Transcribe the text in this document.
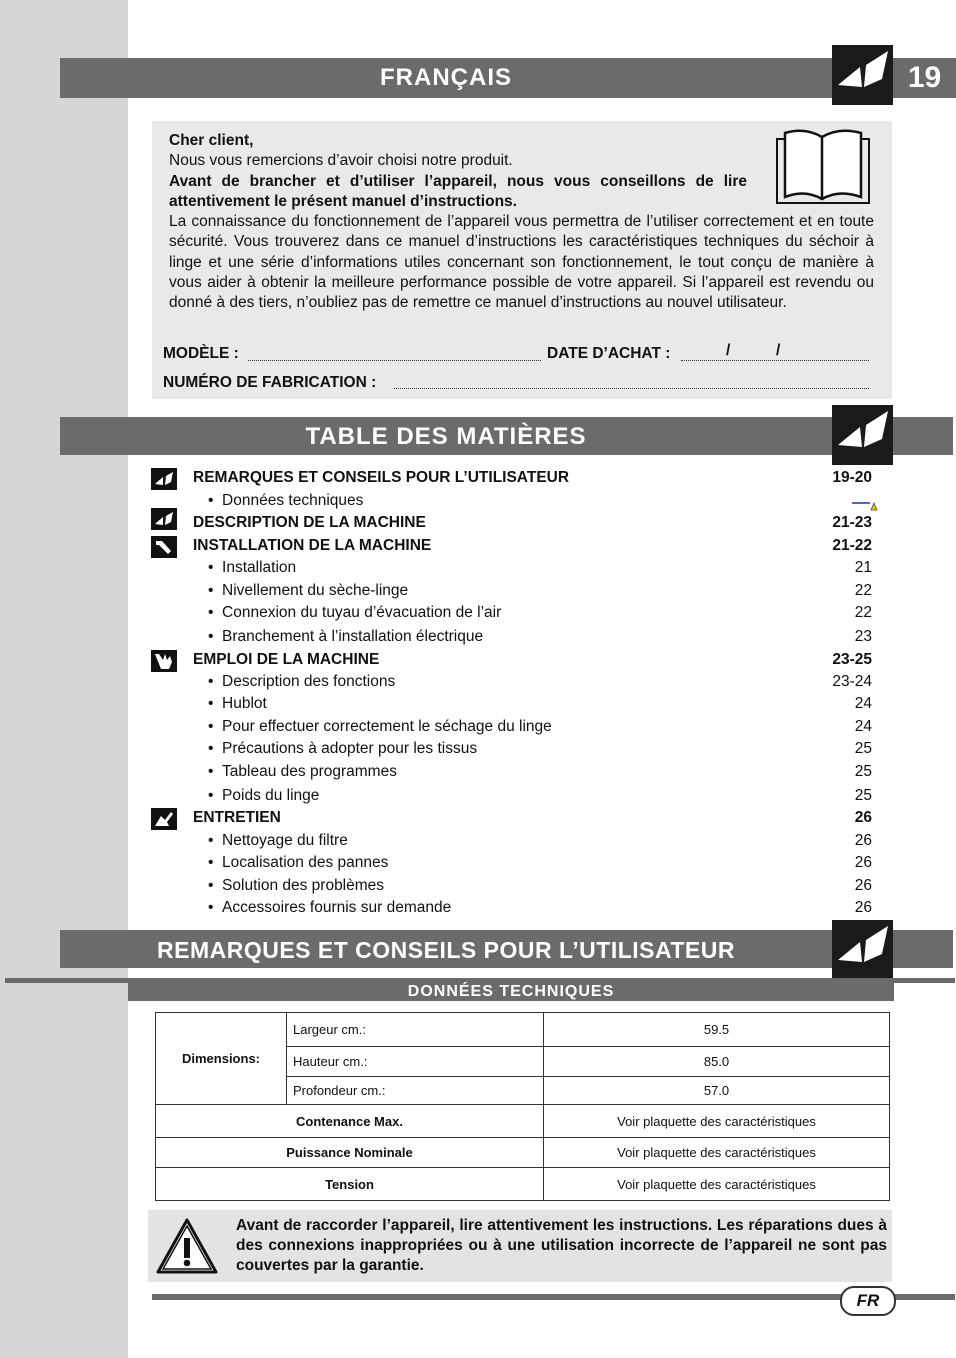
FRANÇAIS	19

Cher client,

Nous vous remercions d’avoir choisi notre produit.

Avant de brancher et d’utiliser l’appareil, nous vous conseillons de lire attentivement le présent manuel d’instructions.

La connaissance du fonctionnement de l’appareil vous permettra de l’utiliser correctement et en toute sécurité. Vous trouverez dans ce manuel d’instructions les caractéristiques techniques du séchoir à linge et une série d’informations utiles concernant son fonctionnement, le tout conçu de manière à vous aider à obtenir la meilleure performance possible de votre appareil. Si l’appareil est revendu ou donné à des tiers, n’oubliez pas de remettre ce manuel d’instructions au nouvel utilisateur.

MODÈLE :	DATE D’ACHAT :	/	/
NUMÉRO DE FABRICATION :
TABLE DES MATIÈRES
REMARQUES ET CONSEILS POUR L’UTILISATEUR	19-20
•  Données techniques
DESCRIPTION DE LA MACHINE	21-23
INSTALLATION DE LA MACHINE	21-22
•  Installation	21
•  Nivellement du sèche-linge	22
•  Connexion du tuyau d’évacuation de l’air	22
•  Branchement à l’installation électrique	23
EMPLOI DE LA MACHINE	23-25
•  Description des fonctions	23-24
•  Hublot	24
•  Pour effectuer correctement le séchage du linge	24
•  Précautions à adopter pour les tissus	25
•  Tableau des programmes	25
•  Poids du linge	25
ENTRETIEN	26
•  Nettoyage du filtre	26
•  Localisation des pannes	26
•  Solution des problèmes	26
•  Accessoires fournis sur demande	26
REMARQUES ET CONSEILS POUR L’UTILISATEUR
DONNÉES TECHNIQUES
Dimensions:	Largeur cm.:	59.5
	Hauteur cm.:	85.0
	Profondeur cm.:	57.0
Contenance Max.		Voir plaquette des caractéristiques
Puissance Nominale		Voir plaquette des caractéristiques
Tension		Voir plaquette des caractéristiques
Avant de raccorder l’appareil, lire attentivement les instructions. Les réparations dues à des connexions inappropriées ou à une utilisation incorrecte de l’appareil ne sont pas couvertes par la garantie.
FR
